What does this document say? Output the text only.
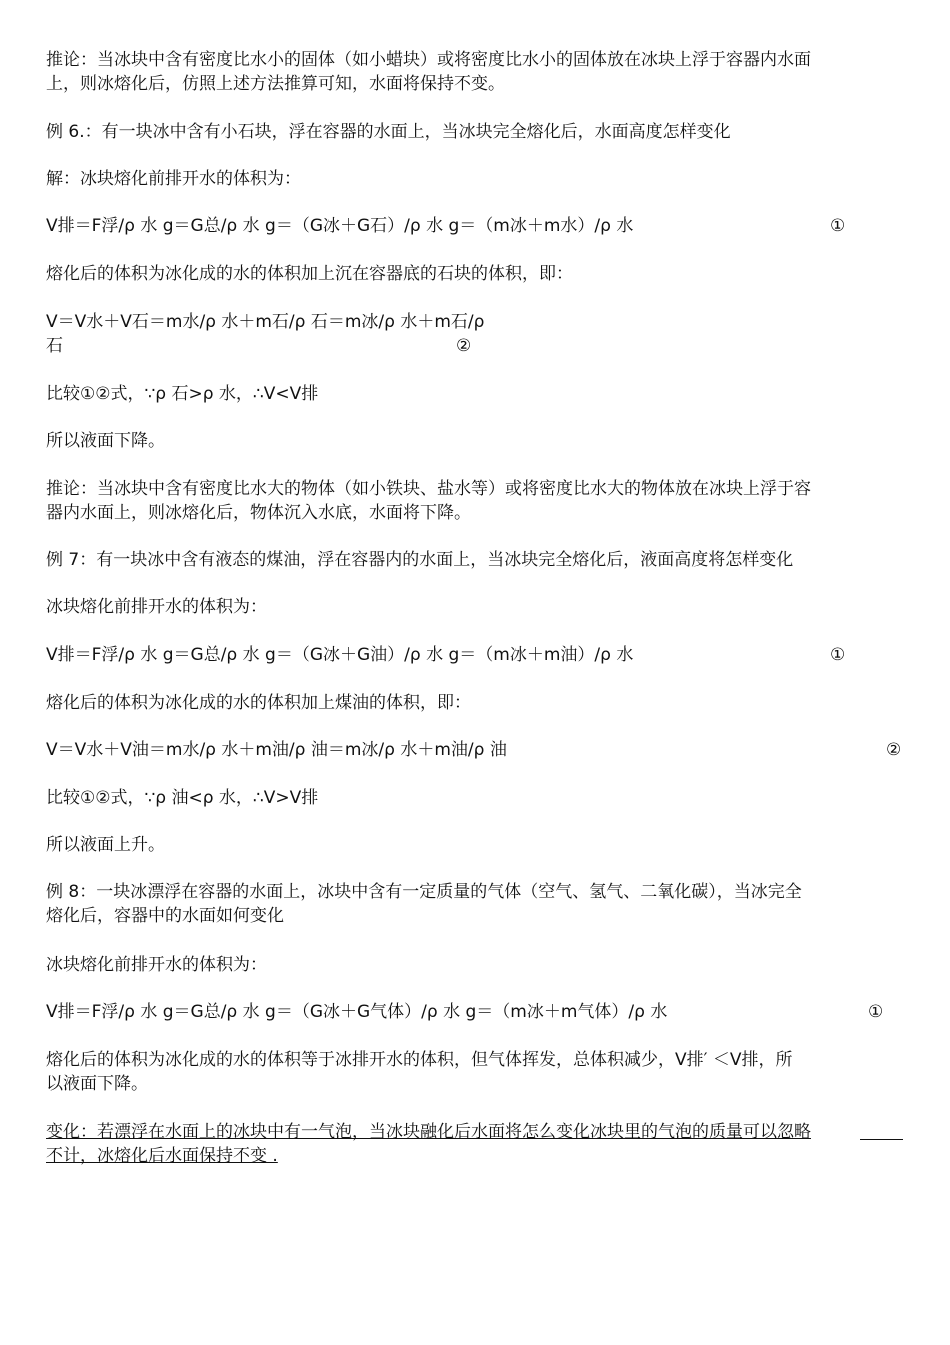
推论：当冰块中含有密度比水小的固体（如小蜡块）或将密度比水小的固体放在冰块上浮于容器内水面
上，则冰熔化后，仿照上述方法推算可知，水面将保持不变。
例 6.：有一块冰中含有小石块，浮在容器的水面上，当冰块完全熔化后，水面高度怎样变化
解：冰块熔化前排开水的体积为：
V排＝F浮/ρ 水 g＝G总/ρ 水 g＝（G冰＋G石）/ρ 水 g＝（m冰＋m水）/ρ 水	①
熔化后的体积为冰化成的水的体积加上沉在容器底的石块的体积，即：
V＝V水＋V石＝m水/ρ 水＋m石/ρ 石＝m冰/ρ 水＋m石/ρ
石	②
比较①②式，∵ρ 石>ρ 水，∴V<V排
所以液面下降。
推论：当冰块中含有密度比水大的物体（如小铁块、盐水等）或将密度比水大的物体放在冰块上浮于容
器内水面上，则冰熔化后，物体沉入水底，水面将下降。
例 7：有一块冰中含有液态的煤油，浮在容器内的水面上，当冰块完全熔化后，液面高度将怎样变化
冰块熔化前排开水的体积为：
V排＝F浮/ρ 水 g＝G总/ρ 水 g＝（G冰＋G油）/ρ 水 g＝（m冰＋m油）/ρ 水	①
熔化后的体积为冰化成的水的体积加上煤油的体积，即：
V＝V水＋V油＝m水/ρ 水＋m油/ρ 油＝m冰/ρ 水＋m油/ρ 油	②
比较①②式，∵ρ 油<ρ 水，∴V>V排
所以液面上升。
例 8：一块冰漂浮在容器的水面上，冰块中含有一定质量的气体（空气、氢气、二氧化碳），当冰完全
熔化后，容器中的水面如何变化
冰块熔化前排开水的体积为：
V排＝F浮/ρ 水 g＝G总/ρ 水 g＝（G冰＋G气体）/ρ 水 g＝（m冰＋m气体）/ρ 水	①
熔化后的体积为冰化成的水的体积等于冰排开水的体积，但气体挥发，总体积减少，V排′ ＜V排，所
以液面下降。
变化：若漂浮在水面上的冰块中有一气泡，当冰块融化后水面将怎么变化冰块里的气泡的质量可以忽略
不计，冰熔化后水面保持不变 .
